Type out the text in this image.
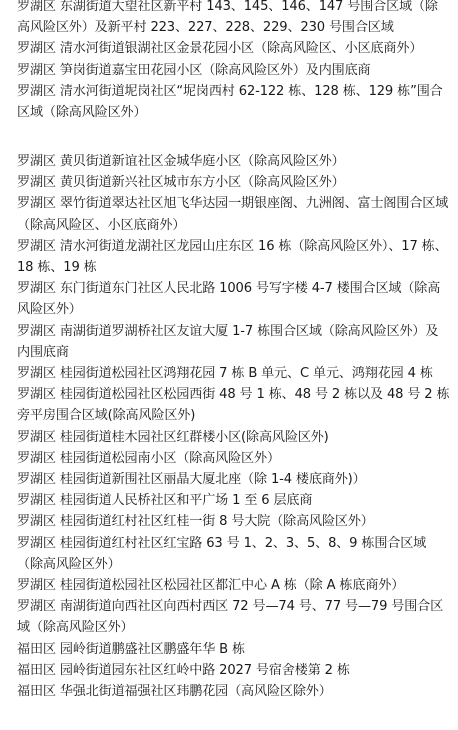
罗湖区 东湖街道大望社区新平村 143、145、146、147 号围合区域（除高风险区外）及新平村 223、227、228、229、230 号围合区域

罗湖区 清水河街道银湖社区金景花园小区（除高风险区、小区底商外）

罗湖区 笋岗街道嘉宝田花园小区（除高风险区外）及内围底商

罗湖区 清水河街道坭岗社区“坭岗西村 62-122 栋、128 栋、129 栋”围合区域（除高风险区外）

罗湖区 黄贝街道新谊社区金城华庭小区（除高风险区外）

罗湖区 黄贝街道新兴社区城市东方小区（除高风险区外）

罗湖区 翠竹街道翠达社区旭飞华达园一期银座阁、九洲阁、富士阁围合区域（除高风险区、小区底商外）

罗湖区 清水河街道龙湖社区龙园山庄东区 16 栋（除高风险区外）、17 栋、18 栋、19 栋

罗湖区 东门街道东门社区人民北路 1006 号写字楼 4-7 楼围合区域（除高风险区外）

罗湖区 南湖街道罗湖桥社区友谊大厦 1-7 栋围合区域（除高风险区外）及内围底商

罗湖区 桂园街道松园社区鸿翔花园 7 栋 B 单元、C 单元、鸿翔花园 4 栋

罗湖区 桂园街道松园社区松园西街 48 号 1 栋、48 号 2 栋以及 48 号 2 栋旁平房围合区域(除高风险区外)

罗湖区 桂园街道桂木园社区红群楼小区(除高风险区外)

罗湖区 桂园街道松园南小区（除高风险区外）

罗湖区 桂园街道新围社区丽晶大厦北座（除 1-4 楼底商外)）

罗湖区 桂园街道人民桥社区和平广场 1 至 6 层底商

罗湖区 桂园街道红村社区红桂一街 8 号大院（除高风险区外）

罗湖区 桂园街道红村社区红宝路 63 号 1、2、3、5、8、9 栋围合区域（除高风险区外）

罗湖区 桂园街道松园社区松园社区都汇中心 A 栋（除 A 栋底商外）

罗湖区 南湖街道向西社区向西村西区 72 号—74 号、77 号—79 号围合区域（除高风险区外）

福田区 园岭街道鹏盛社区鹏盛年华 B 栋

福田区 园岭街道园东社区红岭中路 2027 号宿舍楼第 2 栋

福田区 华强北街道福强社区玮鹏花园（高风险区除外）
